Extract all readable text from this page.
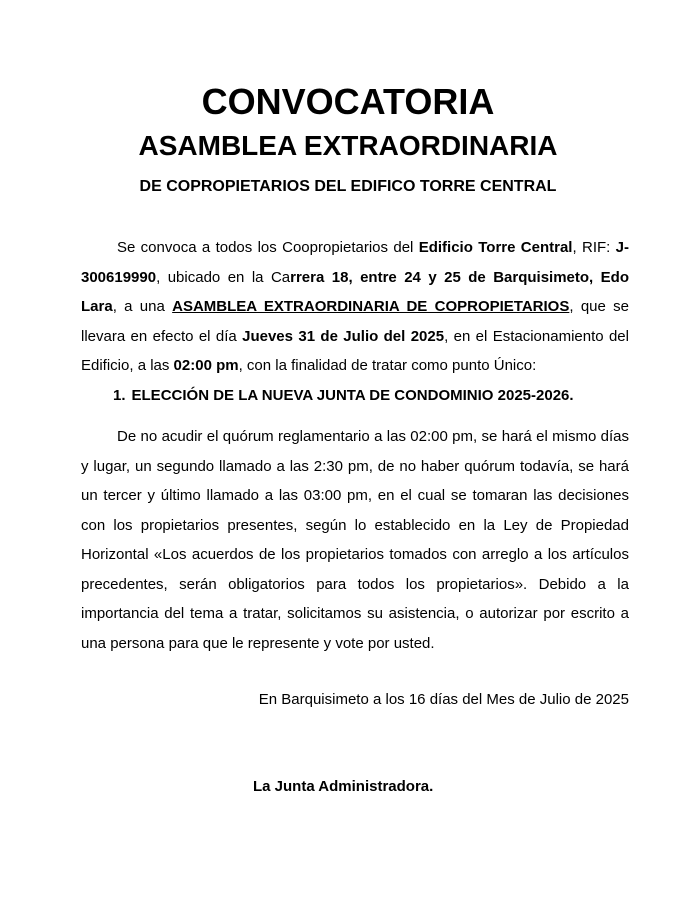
CONVOCATORIA
ASAMBLEA EXTRAORDINARIA
DE COPROPIETARIOS DEL EDIFICO TORRE CENTRAL
Se convoca a todos los Coopropietarios del Edificio Torre Central, RIF: J-300619990, ubicado en la Carrera 18, entre 24 y 25 de Barquisimeto, Edo Lara, a una ASAMBLEA EXTRAORDINARIA DE COPROPIETARIOS, que se llevara en efecto el día Jueves 31 de Julio del 2025, en el Estacionamiento del Edificio, a las 02:00 pm, con la finalidad de tratar como punto Único:
1. ELECCIÓN DE LA NUEVA JUNTA DE CONDOMINIO 2025-2026.
De no acudir el quórum reglamentario a las 02:00 pm, se hará el mismo días y lugar, un segundo llamado a las 2:30 pm, de no haber quórum todavía, se hará un tercer y último llamado a las 03:00 pm, en el cual se tomaran las decisiones con los propietarios presentes, según lo establecido en la Ley de Propiedad Horizontal «Los acuerdos de los propietarios tomados con arreglo a los artículos precedentes, serán obligatorios para todos los propietarios». Debido a la importancia del tema a tratar, solicitamos su asistencia, o autorizar por escrito a una persona para que le represente y vote por usted.
En Barquisimeto a los 16 días del Mes de Julio de 2025
La Junta Administradora.
